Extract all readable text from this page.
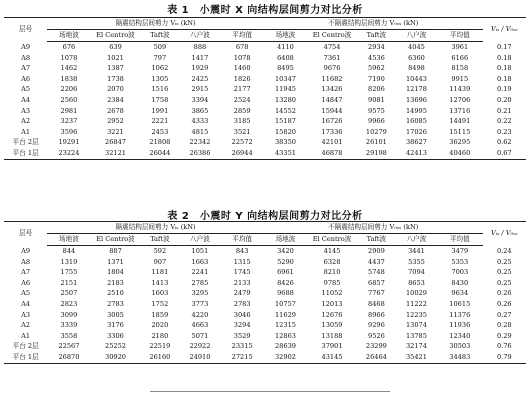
表 1　小震时 X 向结构层间剪力对比分析
层号	隔震结构层间剪力 Vᵢₛ (kN)					不隔震结构层间剪力 V₀ₛₛ (kN)					Vᵢₛ / V₀ₛₛ
	场地波	El Centro波	Taft波	八户波	平均值	场地波	El Centro波	Taft波	八户波	平均值	
A9	676	639	509	888	678	4110	4754	2934	4045	3961	0.17
A8	1078	1021	797	1417	1078	6408	7361	4536	6360	6166	0.18
A7	1462	1387	1062	1929	1460	8495	9676	5962	8498	8158	0.18
A6	1838	1738	1305	2425	1826	10347	11682	7190	10443	9915	0.18
A5	2206	2070	1516	2915	2177	11945	13426	8206	12178	11439	0.19
A4	2560	2384	1758	3394	2524	13280	14847	9081	13696	12706	0.20
A3	2981	2678	1991	3865	2859	14552	15944	9575	14995	13716	0.21
A2	3237	2952	2221	4333	3185	15187	16726	9966	16085	14491	0.22
A1	3596	3221	2453	4815	3521	15820	17336	10279	17026	15115	0.23
平台 2层	19291	26847	21808	22342	22572	38350	42101	26101	38627	36295	0.62
平台 1层	23224	32121	26044	26386	26944	43351	46878	29198	42413	40460	0.67
表 2　小震时 Y 向结构层间剪力对比分析
层号	隔震结构层间剪力 Vᵢₛ (kN)					不隔震结构层间剪力 V₀ₛₛ (kN)					Vᵢₛ / V₀ₛₛ
	场地波	El Centro波	Taft波	八户波	平均值	场地波	El Centro波	Taft波	八户波	平均值	
A9	844	887	592	1051	843	3420	4145	2909	3441	3479	0.24
A8	1319	1371	907	1663	1315	5290	6328	4437	5355	5353	0.25
A7	1755	1804	1181	2241	1745	6961	8210	5748	7094	7003	0.25
A6	2151	2183	1413	2785	2133	8426	9785	6857	8653	8430	0.25
A5	2507	2510	1603	3295	2479	9688	11052	7767	10029	9634	0.26
A4	2823	2783	1752	3773	2783	10757	12013	8468	11222	10615	0.26
A3	3099	3005	1859	4220	3046	11629	12676	8966	12235	11376	0.27
A2	3339	3176	2020	4663	3294	12315	13059	9296	13074	11936	0.28
A1	3558	3306	2180	5071	3529	12863	13188	9526	13785	12340	0.29
平台 2层	22567	25252	22519	22922	23315	28639	37901	23299	32174	30503	0.76
平台 1层	26870	30920	26160	24910	27215	32902	43145	26464	35421	34483	0.79
